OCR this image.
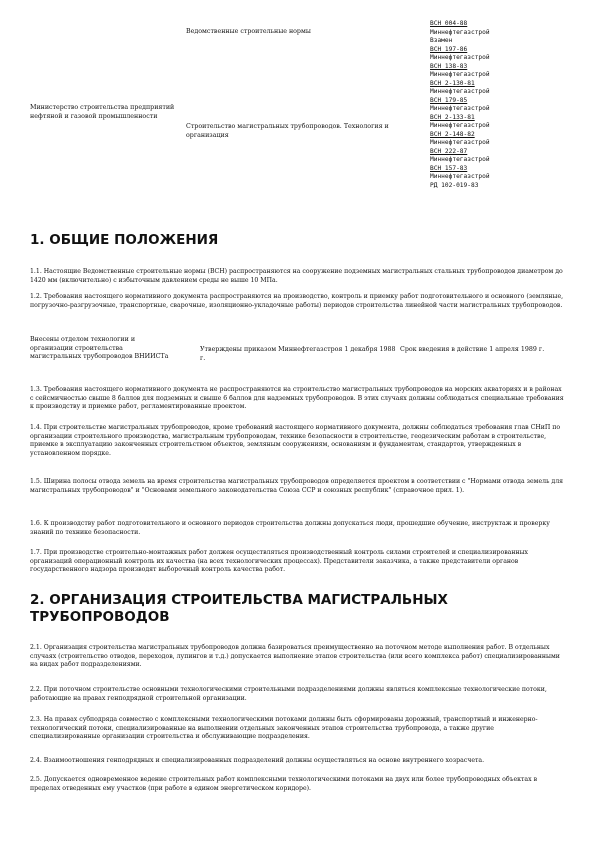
Ведомственные строительные нормы
Министерство строительства предприятий нефтяной и газовой промышленности
Строительство магистральных трубопроводов. Технология и организация
ВСН 004-88
Миннефтегазстрой
Взамен
ВСН 197-86
Миннефтегазстрой
ВСН 138-83
Миннефтегазстрой
ВСН 2-130-81
Миннефтегазстрой
ВСН 179-85
Миннефтегазстрой
ВСН 2-133-81
Миннефтегазстрой
ВСН 2-148-82
Миннефтегазстрой
ВСН 222-87
Миннефтегазстрой
ВСН 157-83
Миннефтегазстрой
РД 102-019-83
1. ОБЩИЕ ПОЛОЖЕНИЯ

1.1. Настоящие Ведомственные строительные нормы (ВСН) распространяются на сооружение подземных магистральных стальных трубопроводов диаметром до 1420 мм (включительно) с избыточным давлением среды не выше 10 МПа.

1.2. Требования настоящего нормативного документа распространяются на производство, контроль и приемку работ подготовительного и основного (земляные, погрузочно-разгрузочные, транспортные, сварочные, изоляционно-укладочные работы) периодов строительства линейной части магистральных трубопроводов.

Внесены отделом технологии и организации строительства магистральных трубопроводов ВНИИСТа
Утверждены приказом Миннефтегазстроя 1 декабря 1988 г.
Срок введения в действие 1 апреля 1989 г.

1.3. Требования настоящего нормативного документа не распространяются на строительство магистральных трубопроводов на морских акваториях и в районах с сейсмичностью свыше 8 баллов для подземных и свыше 6 баллов для надземных трубопроводов. В этих случаях должны соблюдаться специальные требования к производству и приемке работ, регламентированные проектом.

1.4. При строительстве магистральных трубопроводов, кроме требований настоящего нормативного документа, должны соблюдаться требования глав СНиП по организации строительного производства, магистральным трубопроводам, технике безопасности в строительстве, геодезическим работам в строительстве, приемке в эксплуатацию законченных строительством объектов, земляным сооружениям, основаниям и фундаментам, стандартов, утвержденных в установленном порядке.

1.5. Ширина полосы отвода земель на время строительства магистральных трубопроводов определяется проектом в соответствии с "Нормами отвода земель для магистральных трубопроводов" и "Основами земельного законодательства Союза ССР и союзных республик" (справочное прил. 1).

1.6. К производству работ подготовительного и основного периодов строительства должны допускаться люди, прошедшие обучение, инструктаж и проверку знаний по технике безопасности.

1.7. При производстве строительно-монтажных работ должен осуществляться производственный контроль силами строителей и специализированных организаций операционный контроль их качества (на всех технологических процессах). Представители заказчика, а также представители органов государственного надзора производят выборочный контроль качества работ.

2. ОРГАНИЗАЦИЯ СТРОИТЕЛЬСТВА МАГИСТРАЛЬНЫХ ТРУБОПРОВОДОВ

2.1. Организация строительства магистральных трубопроводов должна базироваться преимущественно на поточном методе выполнения работ. В отдельных случаях (строительство отводов, переходов, лупингов и т.д.) допускается выполнение этапов строительства (или всего комплекса работ) специализированными на видах работ подразделениями.

2.2. При поточном строительстве основными технологическими строительными подразделениями должны являться комплексные технологические потоки, работающие на правах генподрядной строительной организации.

2.3. На правах субподряда совместно с комплексными технологическими потоками должны быть сформированы дорожный, транспортный и инженерно-технологический потоки, специализированные на выполнении отдельных законченных этапов строительства трубопровода, а также другие специализированные организации строительства и обслуживающие подразделения.

2.4. Взаимоотношения генподрядных и специализированных подразделений должны осуществляться на основе внутреннего хозрасчета.

2.5. Допускается одновременное ведение строительных работ комплексными технологическими потоками на двух или более трубопроводных объектах в пределах отведенных ему участков (при работе в едином энергетическом коридоре).
